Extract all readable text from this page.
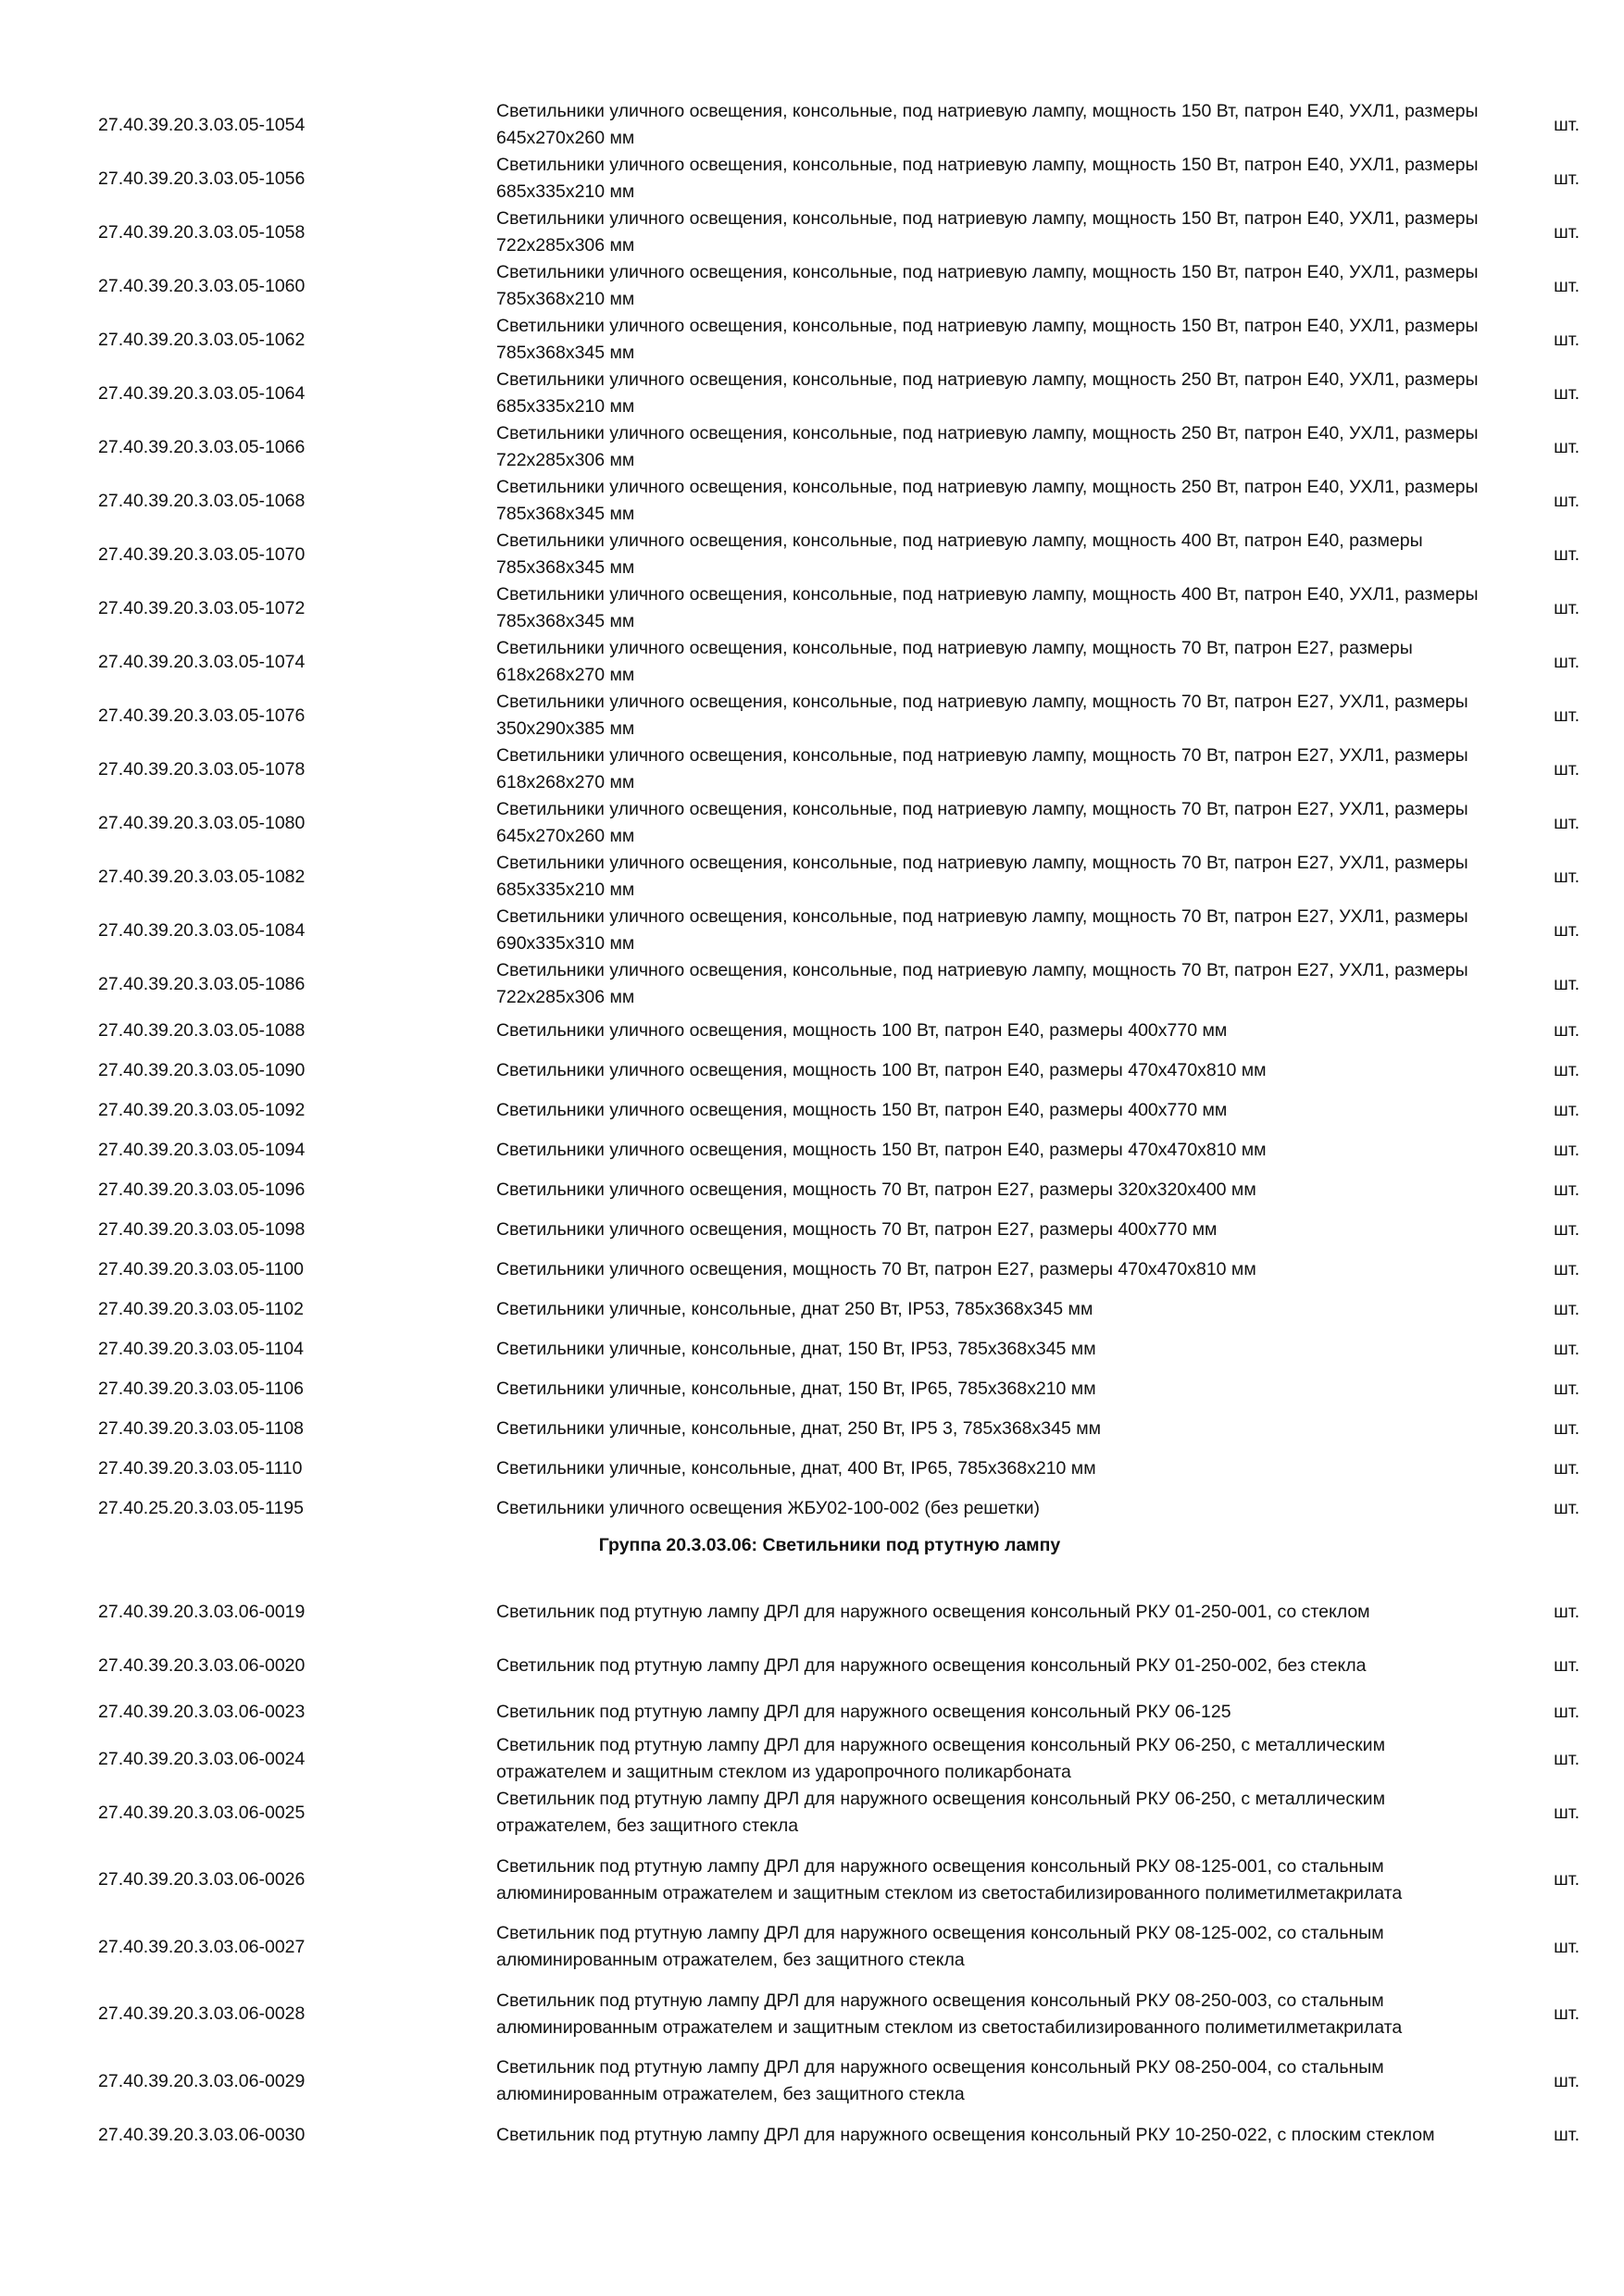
27.40.39.20.3.03.05-1054	Светильники уличного освещения, консольные, под натриевую лампу, мощность 150 Вт, патрон Е40, УХЛ1, размеры 645х270х260 мм	шт.
27.40.39.20.3.03.05-1056	Светильники уличного освещения, консольные, под натриевую лампу, мощность 150 Вт, патрон Е40, УХЛ1, размеры 685х335х210 мм	шт.
27.40.39.20.3.03.05-1058	Светильники уличного освещения, консольные, под натриевую лампу, мощность 150 Вт, патрон Е40, УХЛ1, размеры 722х285х306 мм	шт.
27.40.39.20.3.03.05-1060	Светильники уличного освещения, консольные, под натриевую лампу, мощность 150 Вт, патрон Е40, УХЛ1, размеры 785х368х210 мм	шт.
27.40.39.20.3.03.05-1062	Светильники уличного освещения, консольные, под натриевую лампу, мощность 150 Вт, патрон Е40, УХЛ1, размеры 785х368х345 мм	шт.
27.40.39.20.3.03.05-1064	Светильники уличного освещения, консольные, под натриевую лампу, мощность 250 Вт, патрон Е40, УХЛ1, размеры 685х335х210 мм	шт.
27.40.39.20.3.03.05-1066	Светильники уличного освещения, консольные, под натриевую лампу, мощность 250 Вт, патрон Е40, УХЛ1, размеры 722х285х306 мм	шт.
27.40.39.20.3.03.05-1068	Светильники уличного освещения, консольные, под натриевую лампу, мощность 250 Вт, патрон Е40, УХЛ1, размеры 785х368х345 мм	шт.
27.40.39.20.3.03.05-1070	Светильники уличного освещения, консольные, под натриевую лампу, мощность 400 Вт, патрон Е40, размеры 785х368х345 мм	шт.
27.40.39.20.3.03.05-1072	Светильники уличного освещения, консольные, под натриевую лампу, мощность 400 Вт, патрон Е40, УХЛ1, размеры 785х368х345 мм	шт.
27.40.39.20.3.03.05-1074	Светильники уличного освещения, консольные, под натриевую лампу, мощность 70 Вт, патрон Е27, размеры 618х268х270 мм	шт.
27.40.39.20.3.03.05-1076	Светильники уличного освещения, консольные, под натриевую лампу, мощность 70 Вт, патрон Е27, УХЛ1, размеры 350х290х385 мм	шт.
27.40.39.20.3.03.05-1078	Светильники уличного освещения, консольные, под натриевую лампу, мощность 70 Вт, патрон Е27, УХЛ1, размеры 618х268х270 мм	шт.
27.40.39.20.3.03.05-1080	Светильники уличного освещения, консольные, под натриевую лампу, мощность 70 Вт, патрон Е27, УХЛ1, размеры 645х270х260 мм	шт.
27.40.39.20.3.03.05-1082	Светильники уличного освещения, консольные, под натриевую лампу, мощность 70 Вт, патрон Е27, УХЛ1, размеры 685х335х210 мм	шт.
27.40.39.20.3.03.05-1084	Светильники уличного освещения, консольные, под натриевую лампу, мощность 70 Вт, патрон Е27, УХЛ1, размеры 690х335х310 мм	шт.
27.40.39.20.3.03.05-1086	Светильники уличного освещения, консольные, под натриевую лампу, мощность 70 Вт, патрон Е27, УХЛ1, размеры 722х285х306 мм	шт.
27.40.39.20.3.03.05-1088	Светильники уличного освещения, мощность 100 Вт, патрон Е40, размеры 400х770 мм	шт.
27.40.39.20.3.03.05-1090	Светильники уличного освещения, мощность 100 Вт, патрон Е40, размеры 470х470х810 мм	шт.
27.40.39.20.3.03.05-1092	Светильники уличного освещения, мощность 150 Вт, патрон Е40, размеры 400х770 мм	шт.
27.40.39.20.3.03.05-1094	Светильники уличного освещения, мощность 150 Вт, патрон Е40, размеры 470х470х810 мм	шт.
27.40.39.20.3.03.05-1096	Светильники уличного освещения, мощность 70 Вт, патрон Е27, размеры 320х320х400 мм	шт.
27.40.39.20.3.03.05-1098	Светильники уличного освещения, мощность 70 Вт, патрон Е27, размеры 400х770 мм	шт.
27.40.39.20.3.03.05-1100	Светильники уличного освещения, мощность 70 Вт, патрон Е27, размеры 470х470х810 мм	шт.
27.40.39.20.3.03.05-1102	Светильники уличные, консольные, днат 250 Вт, IP53, 785х368х345 мм	шт.
27.40.39.20.3.03.05-1104	Светильники уличные, консольные, днат, 150 Вт, IP53, 785х368х345 мм	шт.
27.40.39.20.3.03.05-1106	Светильники уличные, консольные, днат, 150 Вт, IP65, 785х368х210 мм	шт.
27.40.39.20.3.03.05-1108	Светильники уличные, консольные, днат, 250 Вт, IP5 3, 785х368х345 мм	шт.
27.40.39.20.3.03.05-1110	Светильники уличные, консольные, днат, 400 Вт, IP65, 785х368х210 мм	шт.
27.40.25.20.3.03.05-1195	Светильники уличного освещения ЖБУ02-100-002 (без решетки)	шт.
Группа 20.3.03.06: Светильники под ртутную лампу
27.40.39.20.3.03.06-0019	Светильник под ртутную лампу ДРЛ для наружного освещения консольный РКУ 01-250-001, со стеклом	шт.
27.40.39.20.3.03.06-0020	Светильник под ртутную лампу ДРЛ для наружного освещения консольный РКУ 01-250-002, без стекла	шт.
27.40.39.20.3.03.06-0023	Светильник под ртутную лампу ДРЛ для наружного освещения консольный РКУ 06-125	шт.
27.40.39.20.3.03.06-0024	Светильник под ртутную лампу ДРЛ для наружного освещения консольный РКУ 06-250, с металлическим отражателем и защитным стеклом из ударопрочного поликарбоната	шт.
27.40.39.20.3.03.06-0025	Светильник под ртутную лампу ДРЛ для наружного освещения консольный РКУ 06-250, с металлическим отражателем, без защитного стекла	шт.
27.40.39.20.3.03.06-0026	Светильник под ртутную лампу ДРЛ для наружного освещения консольный РКУ 08-125-001, со стальным алюминированным отражателем и защитным стеклом из светостабилизированного полиметилметакрилата	шт.
27.40.39.20.3.03.06-0027	Светильник под ртутную лампу ДРЛ для наружного освещения консольный РКУ 08-125-002, со стальным алюминированным отражателем, без защитного стекла	шт.
27.40.39.20.3.03.06-0028	Светильник под ртутную лампу ДРЛ для наружного освещения консольный РКУ 08-250-003, со стальным алюминированным отражателем и защитным стеклом из светостабилизированного полиметилметакрилата	шт.
27.40.39.20.3.03.06-0029	Светильник под ртутную лампу ДРЛ для наружного освещения консольный РКУ 08-250-004, со стальным алюминированным отражателем, без защитного стекла	шт.
27.40.39.20.3.03.06-0030	Светильник под ртутную лампу ДРЛ для наружного освещения консольный РКУ 10-250-022, с плоским стеклом	шт.
